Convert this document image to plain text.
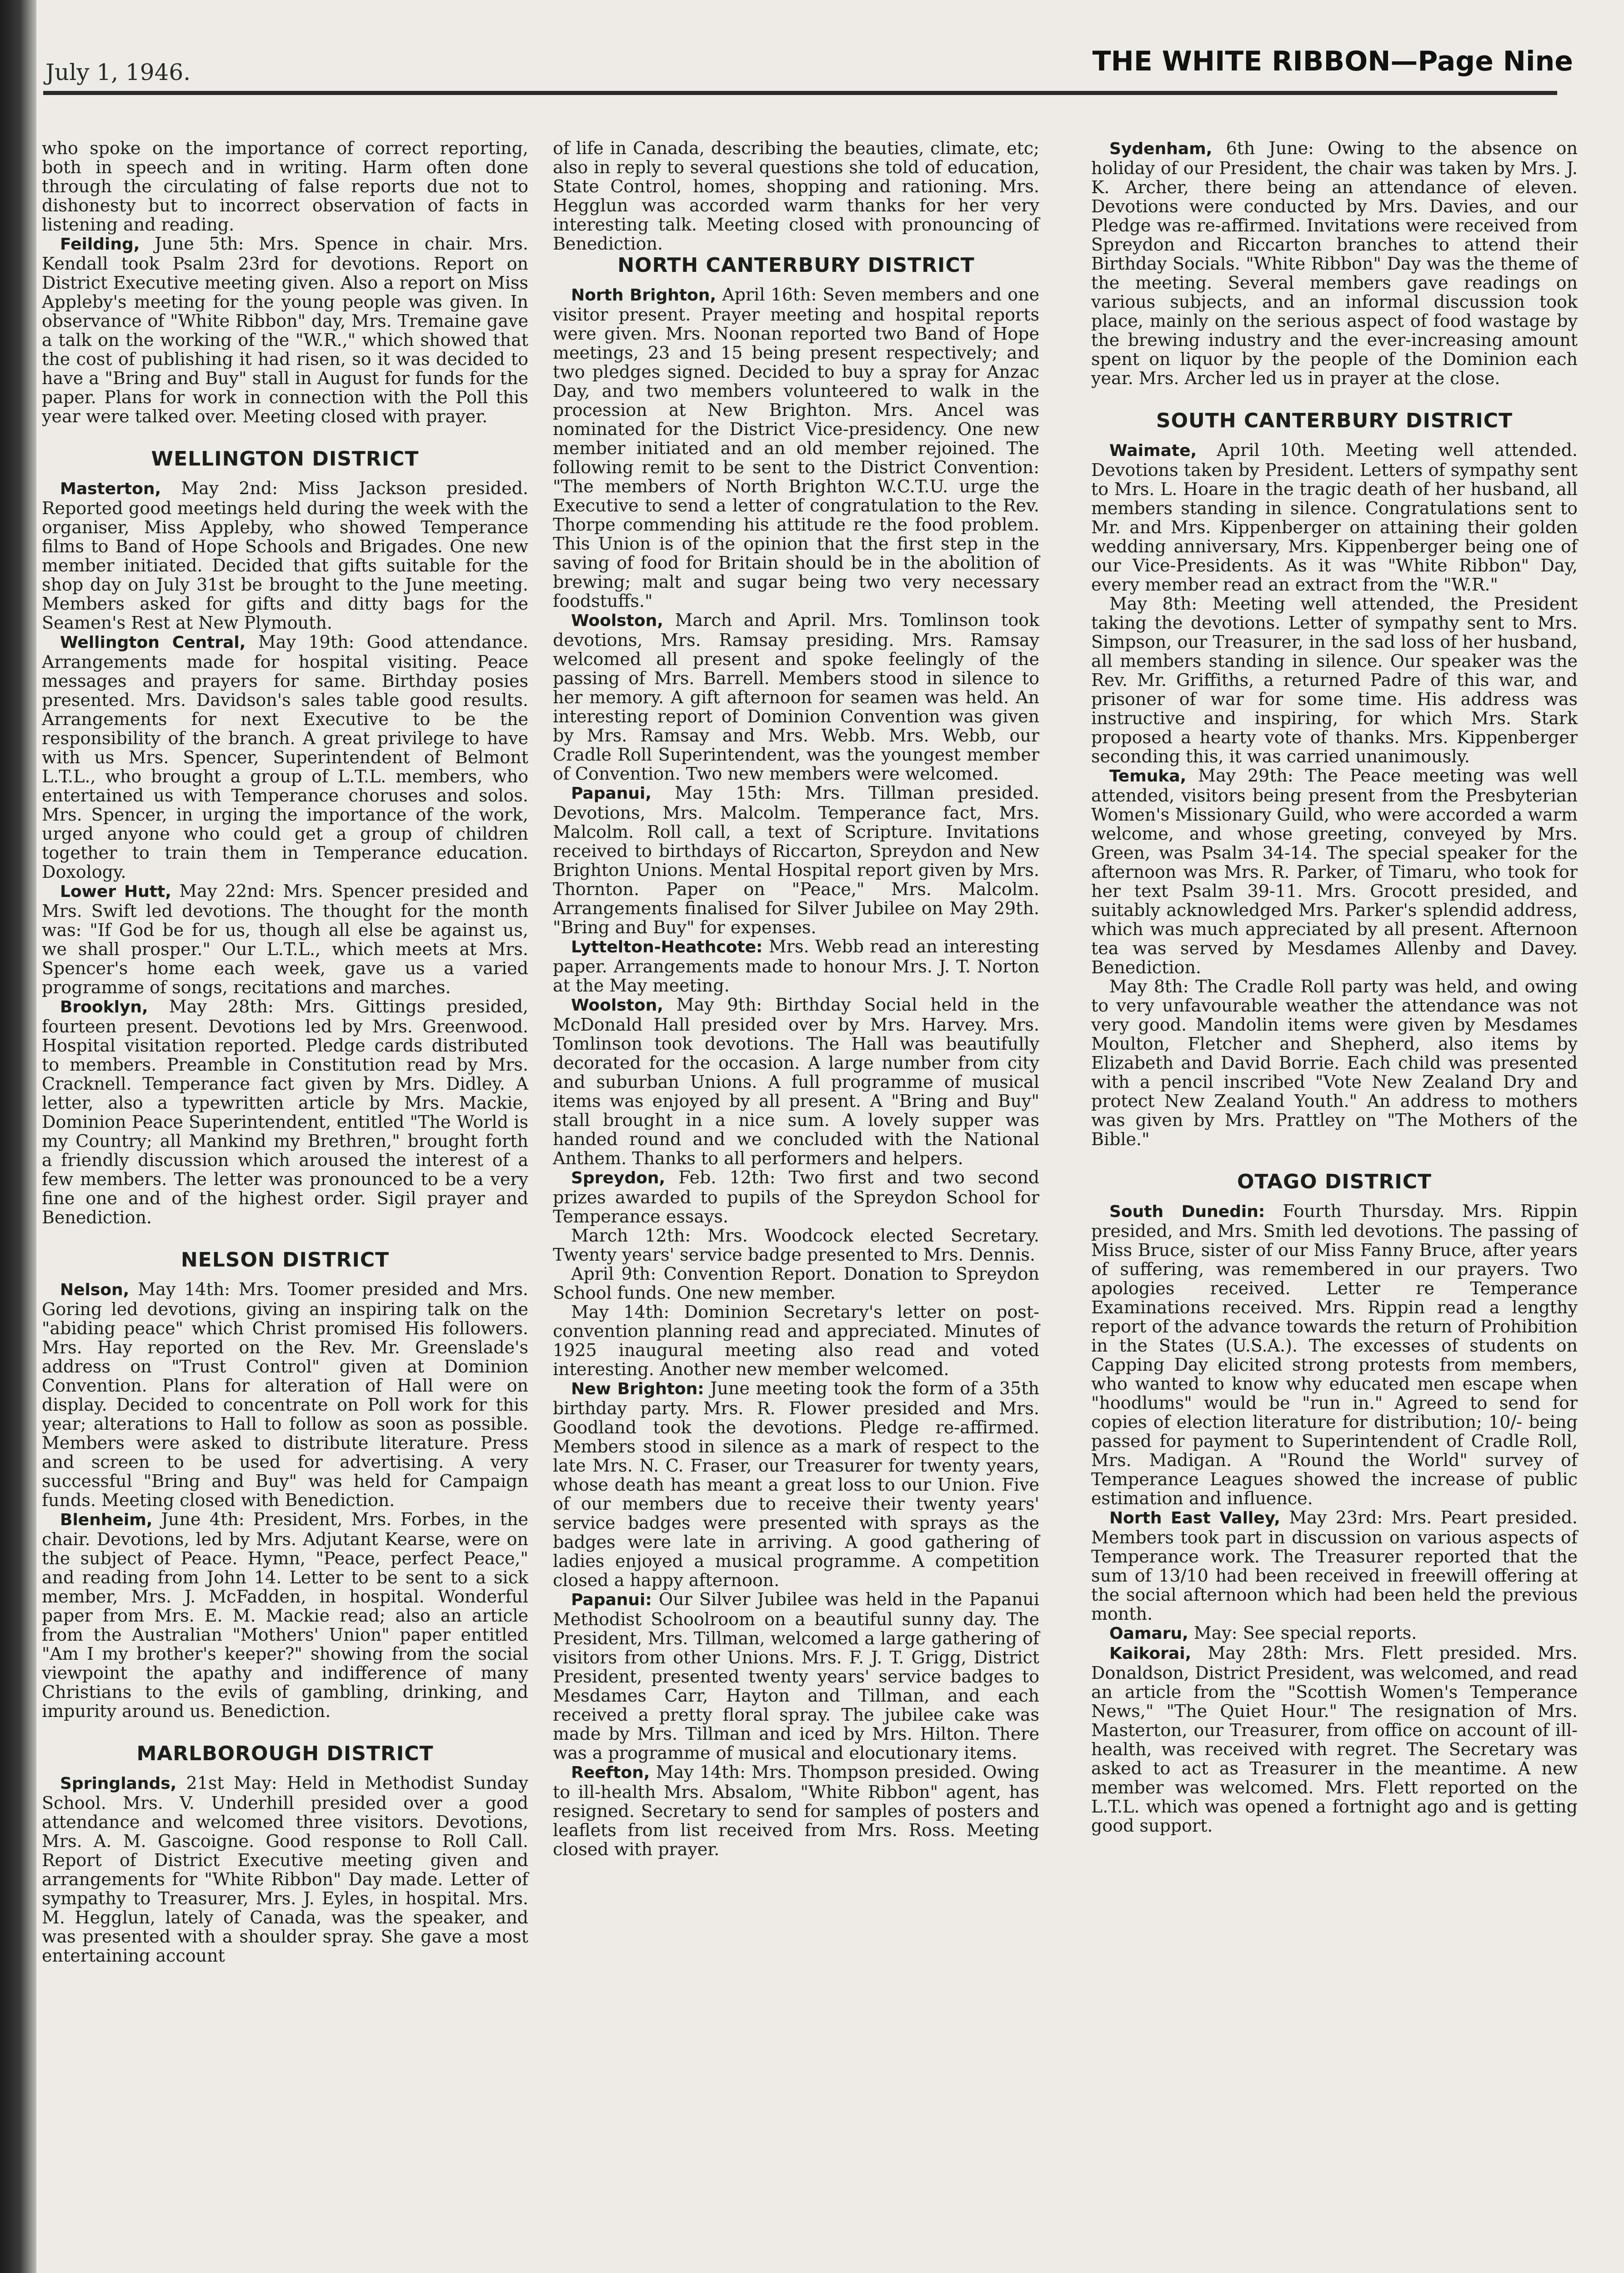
July 1, 1946.	THE WHITE RIBBON—Page Nine

who spoke on the importance of correct reporting, both in speech and in writing. Harm often done through the circulating of false reports due not to dishonesty but to incorrect observation of facts in listening and reading.

Feilding, June 5th: Mrs. Spence in chair. Mrs. Kendall took Psalm 23rd for devotions. Report on District Executive meeting given. Also a report on Miss Appleby's meeting for the young people was given. In observance of "White Ribbon" day, Mrs. Tremaine gave a talk on the working of the "W.R.," which showed that the cost of publishing it had risen, so it was decided to have a "Bring and Buy" stall in August for funds for the paper. Plans for work in connection with the Poll this year were talked over. Meeting closed with prayer.

WELLINGTON DISTRICT

Masterton, May 2nd: Miss Jackson presided. Reported good meetings held during the week with the organiser, Miss Appleby, who showed Temperance films to Band of Hope Schools and Brigades. One new member initiated. Decided that gifts suitable for the shop day on July 31st be brought to the June meeting. Members asked for gifts and ditty bags for the Seamen's Rest at New Plymouth.

Wellington Central, May 19th: Good attendance. Arrangements made for hospital visiting. Peace messages and prayers for same. Birthday posies presented. Mrs. Davidson's sales table good results. Arrangements for next Executive to be the responsibility of the branch. A great privilege to have with us Mrs. Spencer, Superintendent of Belmont L.T.L., who brought a group of L.T.L. members, who entertained us with Temperance choruses and solos. Mrs. Spencer, in urging the importance of the work, urged anyone who could get a group of children together to train them in Temperance education. Doxology.

Lower Hutt, May 22nd: Mrs. Spencer presided and Mrs. Swift led devotions. The thought for the month was: "If God be for us, though all else be against us, we shall prosper." Our L.T.L., which meets at Mrs. Spencer's home each week, gave us a varied programme of songs, recitations and marches.

Brooklyn, May 28th: Mrs. Gittings presided, fourteen present. Devotions led by Mrs. Greenwood. Hospital visitation reported. Pledge cards distributed to members. Preamble in Constitution read by Mrs. Cracknell. Temperance fact given by Mrs. Didley. A letter, also a typewritten article by Mrs. Mackie, Dominion Peace Superintendent, entitled "The World is my Country; all Mankind my Brethren," brought forth a friendly discussion which aroused the interest of a few members. The letter was pronounced to be a very fine one and of the highest order. Sigil prayer and Benediction.

NELSON DISTRICT

Nelson, May 14th: Mrs. Toomer presided and Mrs. Goring led devotions, giving an inspiring talk on the "abiding peace" which Christ promised His followers. Mrs. Hay reported on the Rev. Mr. Greenslade's address on "Trust Control" given at Dominion Convention. Plans for alteration of Hall were on display. Decided to concentrate on Poll work for this year; alterations to Hall to follow as soon as possible. Members were asked to distribute literature. Press and screen to be used for advertising. A very successful "Bring and Buy" was held for Campaign funds. Meeting closed with Benediction.

Blenheim, June 4th: President, Mrs. Forbes, in the chair. Devotions, led by Mrs. Adjutant Kearse, were on the subject of Peace. Hymn, "Peace, perfect Peace," and reading from John 14. Letter to be sent to a sick member, Mrs. J. McFadden, in hospital. Wonderful paper from Mrs. E. M. Mackie read; also an article from the Australian "Mothers' Union" paper entitled "Am I my brother's keeper?" showing from the social viewpoint the apathy and indifference of many Christians to the evils of gambling, drinking, and impurity around us. Benediction.

MARLBOROUGH DISTRICT

Springlands, 21st May: Held in Methodist Sunday School. Mrs. V. Underhill presided over a good attendance and welcomed three visitors. Devotions, Mrs. A. M. Gascoigne. Good response to Roll Call. Report of District Executive meeting given and arrangements for "White Ribbon" Day made. Letter of sympathy to Treasurer, Mrs. J. Eyles, in hospital. Mrs. M. Hegglun, lately of Canada, was the speaker, and was presented with a shoulder spray. She gave a most entertaining account

of life in Canada, describing the beauties, climate, etc; also in reply to several questions she told of education, State Control, homes, shopping and rationing. Mrs. Hegglun was accorded warm thanks for her very interesting talk. Meeting closed with pronouncing of Benediction.

NORTH CANTERBURY DISTRICT

North Brighton, April 16th: Seven members and one visitor present. Prayer meeting and hospital reports were given. Mrs. Noonan reported two Band of Hope meetings, 23 and 15 being present respectively; and two pledges signed. Decided to buy a spray for Anzac Day, and two members volunteered to walk in the procession at New Brighton. Mrs. Ancel was nominated for the District Vice-presidency. One new member initiated and an old member rejoined. The following remit to be sent to the District Convention: "The members of North Brighton W.C.T.U. urge the Executive to send a letter of congratulation to the Rev. Thorpe commending his attitude re the food problem. This Union is of the opinion that the first step in the saving of food for Britain should be in the abolition of brewing; malt and sugar being two very necessary foodstuffs."

Woolston, March and April. Mrs. Tomlinson took devotions, Mrs. Ramsay presiding. Mrs. Ramsay welcomed all present and spoke feelingly of the passing of Mrs. Barrell. Members stood in silence to her memory. A gift afternoon for seamen was held. An interesting report of Dominion Convention was given by Mrs. Ramsay and Mrs. Webb. Mrs. Webb, our Cradle Roll Superintendent, was the youngest member of Convention. Two new members were welcomed.

Papanui, May 15th: Mrs. Tillman presided. Devotions, Mrs. Malcolm. Temperance fact, Mrs. Malcolm. Roll call, a text of Scripture. Invitations received to birthdays of Riccarton, Spreydon and New Brighton Unions. Mental Hospital report given by Mrs. Thornton. Paper on "Peace," Mrs. Malcolm. Arrangements finalised for Silver Jubilee on May 29th. "Bring and Buy" for expenses.

Lyttelton-Heathcote: Mrs. Webb read an interesting paper. Arrangements made to honour Mrs. J. T. Norton at the May meeting.

Woolston, May 9th: Birthday Social held in the McDonald Hall presided over by Mrs. Harvey. Mrs. Tomlinson took devotions. The Hall was beautifully decorated for the occasion. A large number from city and suburban Unions. A full programme of musical items was enjoyed by all present. A "Bring and Buy" stall brought in a nice sum. A lovely supper was handed round and we concluded with the National Anthem. Thanks to all performers and helpers.

Spreydon, Feb. 12th: Two first and two second prizes awarded to pupils of the Spreydon School for Temperance essays.

March 12th: Mrs. Woodcock elected Secretary. Twenty years' service badge presented to Mrs. Dennis.

April 9th: Convention Report. Donation to Spreydon School funds. One new member.

May 14th: Dominion Secretary's letter on post-convention planning read and appreciated. Minutes of 1925 inaugural meeting also read and voted interesting. Another new member welcomed.

New Brighton: June meeting took the form of a 35th birthday party. Mrs. R. Flower presided and Mrs. Goodland took the devotions. Pledge re-affirmed. Members stood in silence as a mark of respect to the late Mrs. N. C. Fraser, our Treasurer for twenty years, whose death has meant a great loss to our Union. Five of our members due to receive their twenty years' service badges were presented with sprays as the badges were late in arriving. A good gathering of ladies enjoyed a musical programme. A competition closed a happy afternoon.

Papanui: Our Silver Jubilee was held in the Papanui Methodist Schoolroom on a beautiful sunny day. The President, Mrs. Tillman, welcomed a large gathering of visitors from other Unions. Mrs. F. J. T. Grigg, District President, presented twenty years' service badges to Mesdames Carr, Hayton and Tillman, and each received a pretty floral spray. The jubilee cake was made by Mrs. Tillman and iced by Mrs. Hilton. There was a programme of musical and elocutionary items.

Reefton, May 14th: Mrs. Thompson presided. Owing to ill-health Mrs. Absalom, "White Ribbon" agent, has resigned. Secretary to send for samples of posters and leaflets from list received from Mrs. Ross. Meeting closed with prayer.

Sydenham, 6th June: Owing to the absence on holiday of our President, the chair was taken by Mrs. J. K. Archer, there being an attendance of eleven. Devotions were conducted by Mrs. Davies, and our Pledge was re-affirmed. Invitations were received from Spreydon and Riccarton branches to attend their Birthday Socials. "White Ribbon" Day was the theme of the meeting. Several members gave readings on various subjects, and an informal discussion took place, mainly on the serious aspect of food wastage by the brewing industry and the ever-increasing amount spent on liquor by the people of the Dominion each year. Mrs. Archer led us in prayer at the close.

SOUTH CANTERBURY DISTRICT

Waimate, April 10th. Meeting well attended. Devotions taken by President. Letters of sympathy sent to Mrs. L. Hoare in the tragic death of her husband, all members standing in silence. Congratulations sent to Mr. and Mrs. Kippenberger on attaining their golden wedding anniversary, Mrs. Kippenberger being one of our Vice-Presidents. As it was "White Ribbon" Day, every member read an extract from the "W.R."

May 8th: Meeting well attended, the President taking the devotions. Letter of sympathy sent to Mrs. Simpson, our Treasurer, in the sad loss of her husband, all members standing in silence. Our speaker was the Rev. Mr. Griffiths, a returned Padre of this war, and prisoner of war for some time. His address was instructive and inspiring, for which Mrs. Stark proposed a hearty vote of thanks. Mrs. Kippenberger seconding this, it was carried unanimously.

Temuka, May 29th: The Peace meeting was well attended, visitors being present from the Presbyterian Women's Missionary Guild, who were accorded a warm welcome, and whose greeting, conveyed by Mrs. Green, was Psalm 34-14. The special speaker for the afternoon was Mrs. R. Parker, of Timaru, who took for her text Psalm 39-11. Mrs. Grocott presided, and suitably acknowledged Mrs. Parker's splendid address, which was much appreciated by all present. Afternoon tea was served by Mesdames Allenby and Davey. Benediction.

May 8th: The Cradle Roll party was held, and owing to very unfavourable weather the attendance was not very good. Mandolin items were given by Mesdames Moulton, Fletcher and Shepherd, also items by Elizabeth and David Borrie. Each child was presented with a pencil inscribed "Vote New Zealand Dry and protect New Zealand Youth." An address to mothers was given by Mrs. Prattley on "The Mothers of the Bible."

OTAGO DISTRICT

South Dunedin: Fourth Thursday. Mrs. Rippin presided, and Mrs. Smith led devotions. The passing of Miss Bruce, sister of our Miss Fanny Bruce, after years of suffering, was remembered in our prayers. Two apologies received. Letter re Temperance Examinations received. Mrs. Rippin read a lengthy report of the advance towards the return of Prohibition in the States (U.S.A.). The excesses of students on Capping Day elicited strong protests from members, who wanted to know why educated men escape when "hoodlums" would be "run in." Agreed to send for copies of election literature for distribution; 10/- being passed for payment to Superintendent of Cradle Roll, Mrs. Madigan. A "Round the World" survey of Temperance Leagues showed the increase of public estimation and influence.

North East Valley, May 23rd: Mrs. Peart presided. Members took part in discussion on various aspects of Temperance work. The Treasurer reported that the sum of 13/10 had been received in freewill offering at the social afternoon which had been held the previous month.

Oamaru, May: See special reports.

Kaikorai, May 28th: Mrs. Flett presided. Mrs. Donaldson, District President, was welcomed, and read an article from the "Scottish Women's Temperance News," "The Quiet Hour." The resignation of Mrs. Masterton, our Treasurer, from office on account of ill-health, was received with regret. The Secretary was asked to act as Treasurer in the meantime. A new member was welcomed. Mrs. Flett reported on the L.T.L. which was opened a fortnight ago and is getting good support.
